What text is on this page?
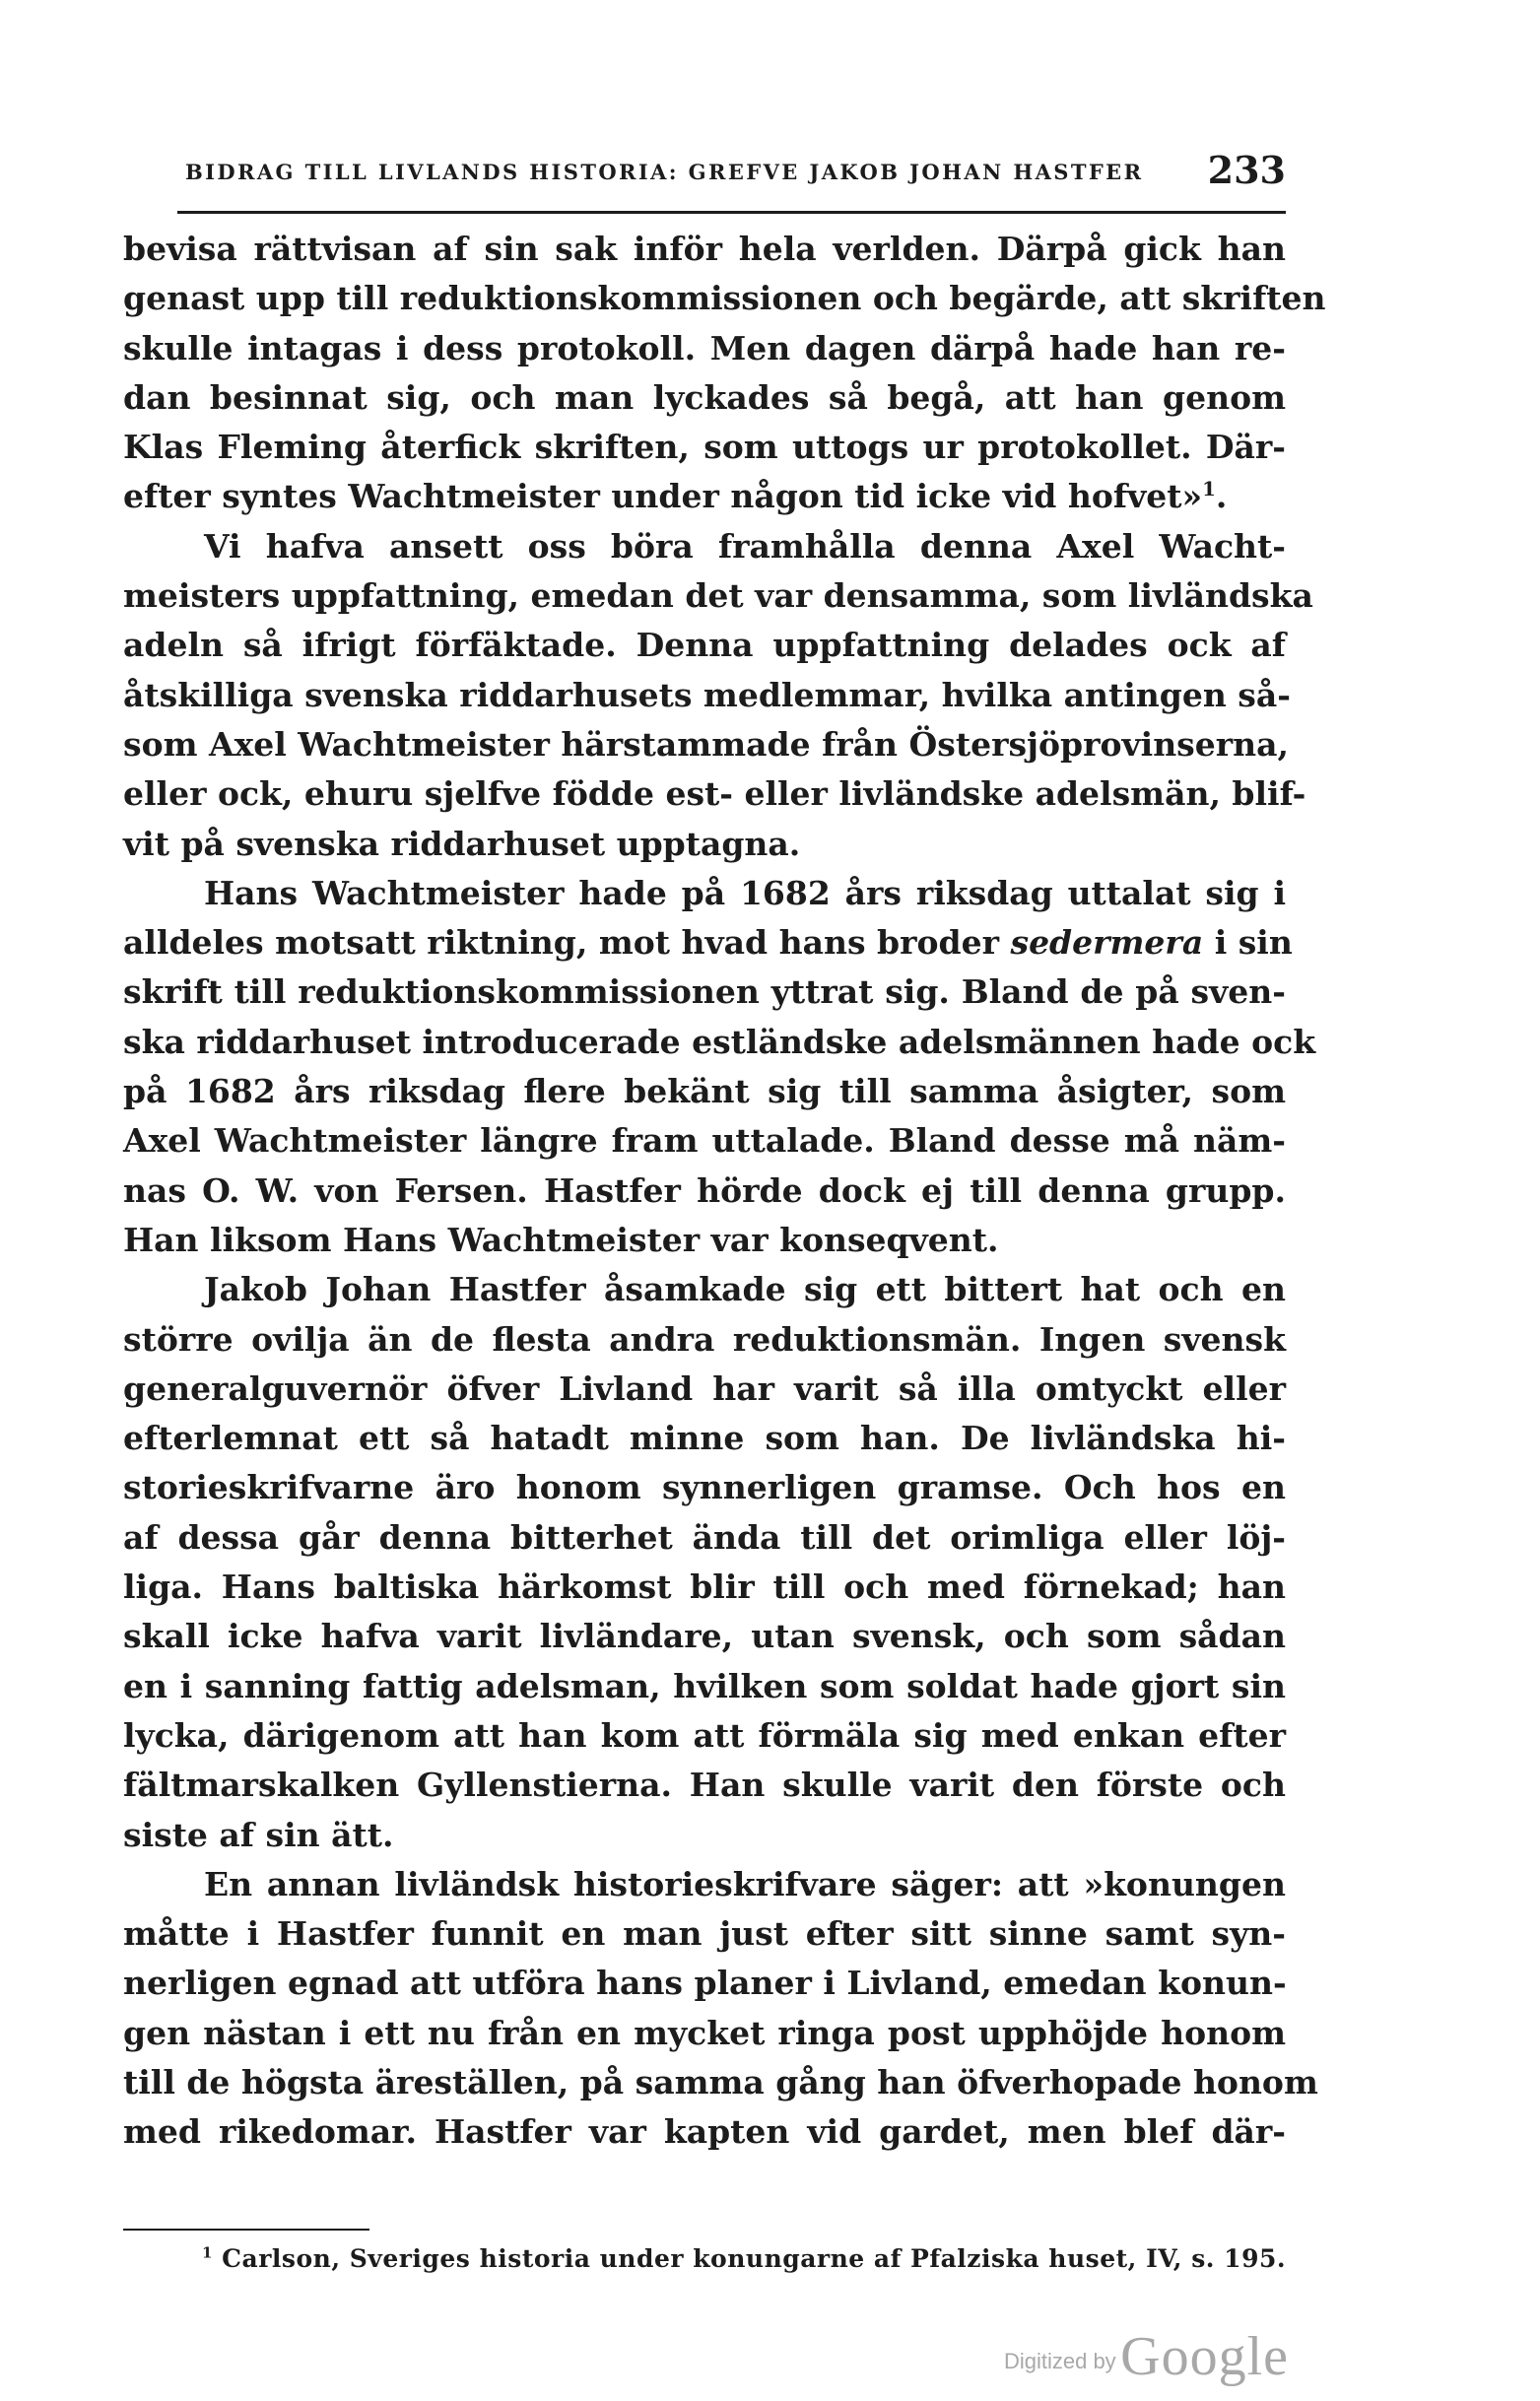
BIDRAG TILL LIVLANDS HISTORIA: GREFVE JAKOB JOHAN HASTFER 233
bevisa rättvisan af sin sak inför hela verlden. Därpå gick han
genast upp till reduktionskommissionen och begärde, att skriften
skulle intagas i dess protokoll. Men dagen därpå hade han re-
dan besinnat sig, och man lyckades så begå, att han genom
Klas Fleming återfick skriften, som uttogs ur protokollet. Där-
efter syntes Wachtmeister under någon tid icke vid hofvet»$^1$.
Vi hafva ansett oss böra framhålla denna Axel Wacht-
meisters uppfattning, emedan det var densamma, som livländska
adeln så ifrigt förfäktade. Denna uppfattning delades ock af
åtskilliga svenska riddarhusets medlemmar, hvilka antingen så-
som Axel Wachtmeister härstammade från Östersjöprovinserna,
eller ock, ehuru sjelfve födde est- eller livländske adelsmän, blif-
vit på svenska riddarhuset upptagna.
Hans Wachtmeister hade på 1682 års riksdag uttalat sig i
alldeles motsatt riktning, mot hvad hans broder sedermera i sin
skrift till reduktionskommissionen yttrat sig. Bland de på sven-
ska riddarhuset introducerade estländske adelsmännen hade ock
på 1682 års riksdag flere bekänt sig till samma åsigter, som
Axel Wachtmeister längre fram uttalade. Bland desse må näm-
nas O. W. von Fersen. Hastfer hörde dock ej till denna grupp.
Han liksom Hans Wachtmeister var konseqvent.
Jakob Johan Hastfer åsamkade sig ett bittert hat och en
större ovilja än de flesta andra reduktionsmän. Ingen svensk
generalguvernör öfver Livland har varit så illa omtyckt eller
efterlemnat ett så hatadt minne som han. De livländska hi-
storieskrifvarne äro honom synnerligen gramse. Och hos en
af dessa går denna bitterhet ända till det orimliga eller löj-
liga. Hans baltiska härkomst blir till och med förnekad; han
skall icke hafva varit livländare, utan svensk, och som sådan
en i sanning fattig adelsman, hvilken som soldat hade gjort sin
lycka, därigenom att han kom att förmäla sig med enkan efter
fältmarskalken Gyllenstierna. Han skulle varit den förste och
siste af sin ätt.
En annan livländsk historieskrifvare säger: att »konungen
måtte i Hastfer funnit en man just efter sitt sinne samt syn-
nerligen egnad att utföra hans planer i Livland, emedan konun-
gen nästan i ett nu från en mycket ringa post upphöjde honom
till de högsta äreställen, på samma gång han öfverhopade honom
med rikedomar. Hastfer var kapten vid gardet, men blef där-
$^1$ Carlson, Sveriges historia under konungarne af Pfalziska huset, IV, s. 195.
Digitized by Google
